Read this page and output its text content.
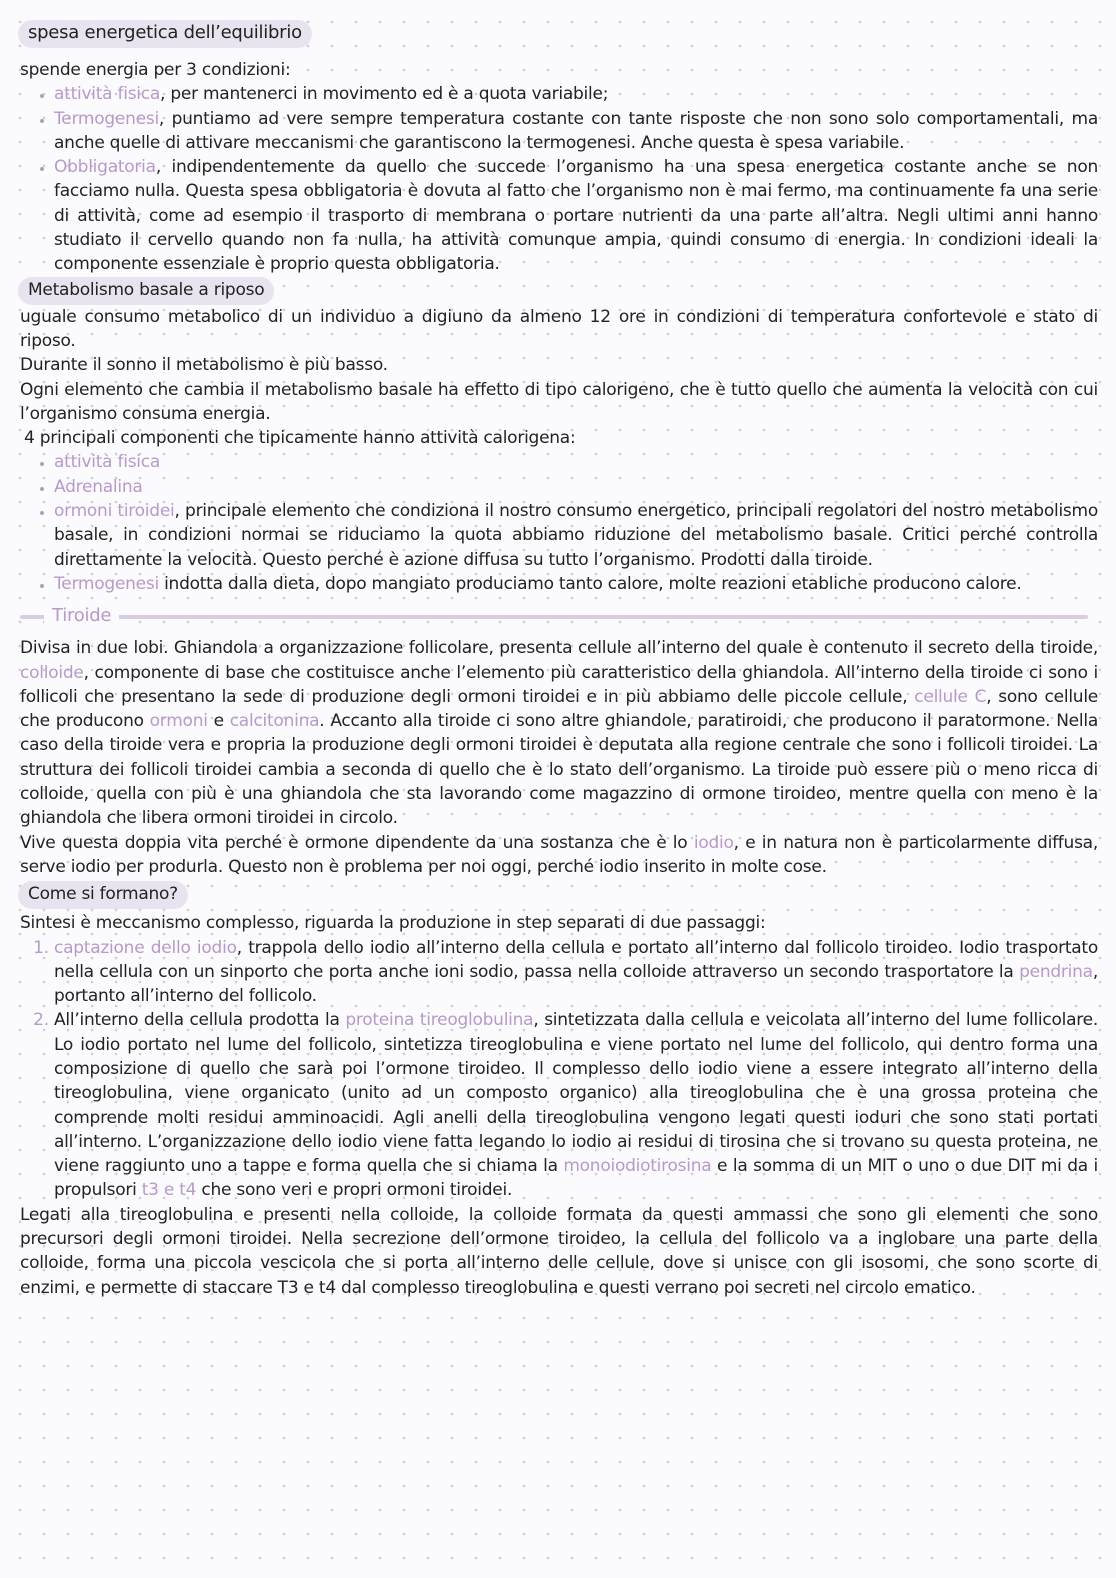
spesa energetica dell’equilibrio

spende energia per 3 condizioni:

• attività fisica, per mantenerci in movimento ed è a quota variabile;
• Termogenesi, puntiamo ad vere sempre temperatura costante con tante risposte che non sono solo comportamentali, ma anche quelle di attivare meccanismi che garantiscono la termogenesi. Anche questa è spesa variabile.
• Obbligatoria, indipendentemente da quello che succede l’organismo ha una spesa energetica costante anche se non facciamo nulla. Questa spesa obbligatoria è dovuta al fatto che l’organismo non è mai fermo, ma continuamente fa una serie di attività, come ad esempio il trasporto di membrana o portare nutrienti da una parte all’altra. Negli ultimi anni hanno studiato il cervello quando non fa nulla, ha attività comunque ampia, quindi consumo di energia. In condizioni ideali la componente essenziale è proprio questa obbligatoria.
Metabolismo basale a riposo

uguale consumo metabolico di un individuo a digiuno da almeno 12 ore in condizioni di temperatura confortevole e stato di riposo.

Durante il sonno il metabolismo è più basso.

Ogni elemento che cambia il metabolismo basale ha effetto di tipo calorigeno, che è tutto quello che aumenta la velocità con cui l’organismo consuma energia.

4 principali componenti che tipicamente hanno attività calorigena:

• attività fisica
• Adrenalina
• ormoni tiroidei, principale elemento che condiziona il nostro consumo energetico, principali regolatori del nostro metabolismo basale, in condizioni normai se riduciamo la quota abbiamo riduzione del metabolismo basale. Critici perché controlla direttamente la velocità. Questo perché è azione diffusa su tutto l’organismo. Prodotti dalla tiroide.
• Termogenesi indotta dalla dieta, dopo mangiato produciamo tanto calore, molte reazioni etabliche producono calore.
Tiroide

Divisa in due lobi. Ghiandola a organizzazione follicolare, presenta cellule all’interno del quale è contenuto il secreto della tiroide, colloide, componente di base che costituisce anche l’elemento più caratteristico della ghiandola. All’interno della tiroide ci sono i follicoli che presentano la sede di produzione degli ormoni tiroidei e in più abbiamo delle piccole cellule, cellule C, sono cellule che producono ormoni e calcitonina. Accanto alla tiroide ci sono altre ghiandole, paratiroidi, che producono il paratormone. Nella caso della tiroide vera e propria la produzione degli ormoni tiroidei è deputata alla regione centrale che sono i follicoli tiroidei. La struttura dei follicoli tiroidei cambia a seconda di quello che è lo stato dell’organismo. La tiroide può essere più o meno ricca di colloide, quella con più è una ghiandola che sta lavorando come magazzino di ormone tiroideo, mentre quella con meno è la ghiandola che libera ormoni tiroidei in circolo.

Vive questa doppia vita perché è ormone dipendente da una sostanza che è lo iodio, e in natura non è particolarmente diffusa, serve iodio per produrla. Questo non è problema per noi oggi, perché iodio inserito in molte cose.

Come si formano?

Sintesi è meccanismo complesso, riguarda la produzione in step separati di due passaggi:

1. captazione dello iodio, trappola dello iodio all’interno della cellula e portato all’interno dal follicolo tiroideo. Iodio trasportato nella cellula con un sinporto che porta anche ioni sodio, passa nella colloide attraverso un secondo trasportatore la pendrina, portanto all’interno del follicolo.
2. All’interno della cellula prodotta la proteina tireoglobulina, sintetizzata dalla cellula e veicolata all’interno del lume follicolare. Lo iodio portato nel lume del follicolo, sintetizza tireoglobulina e viene portato nel lume del follicolo, qui dentro forma una composizione di quello che sarà poi l’ormone tiroideo. Il complesso dello iodio viene a essere integrato all’interno della tireoglobulina, viene organicato (unito ad un composto organico) alla tireoglobulina che è una grossa proteina che comprende molti residui amminoacidi. Agli anelli della tireoglobulina vengono legati questi ioduri che sono stati portati all’interno. L’organizzazione dello iodio viene fatta legando lo iodio ai residui di tirosina che si trovano su questa proteina, ne viene raggiunto uno a tappe e forma quella che si chiama la monoiodiotirosina e la somma di un MIT o uno o due DIT mi da i propulsori t3 e t4 che sono veri e propri ormoni tiroidei.

Legati alla tireoglobulina e presenti nella colloide, la colloide formata da questi ammassi che sono gli elementi che sono precursori degli ormoni tiroidei. Nella secrezione dell’ormone tiroideo, la cellula del follicolo va a inglobare una parte della colloide, forma una piccola vescicola che si porta all’interno delle cellule, dove si unisce con gli isosomi, che sono scorte di enzimi, e permette di staccare T3 e t4 dal complesso tireoglobulina e questi verrano poi secreti nel circolo ematico.
